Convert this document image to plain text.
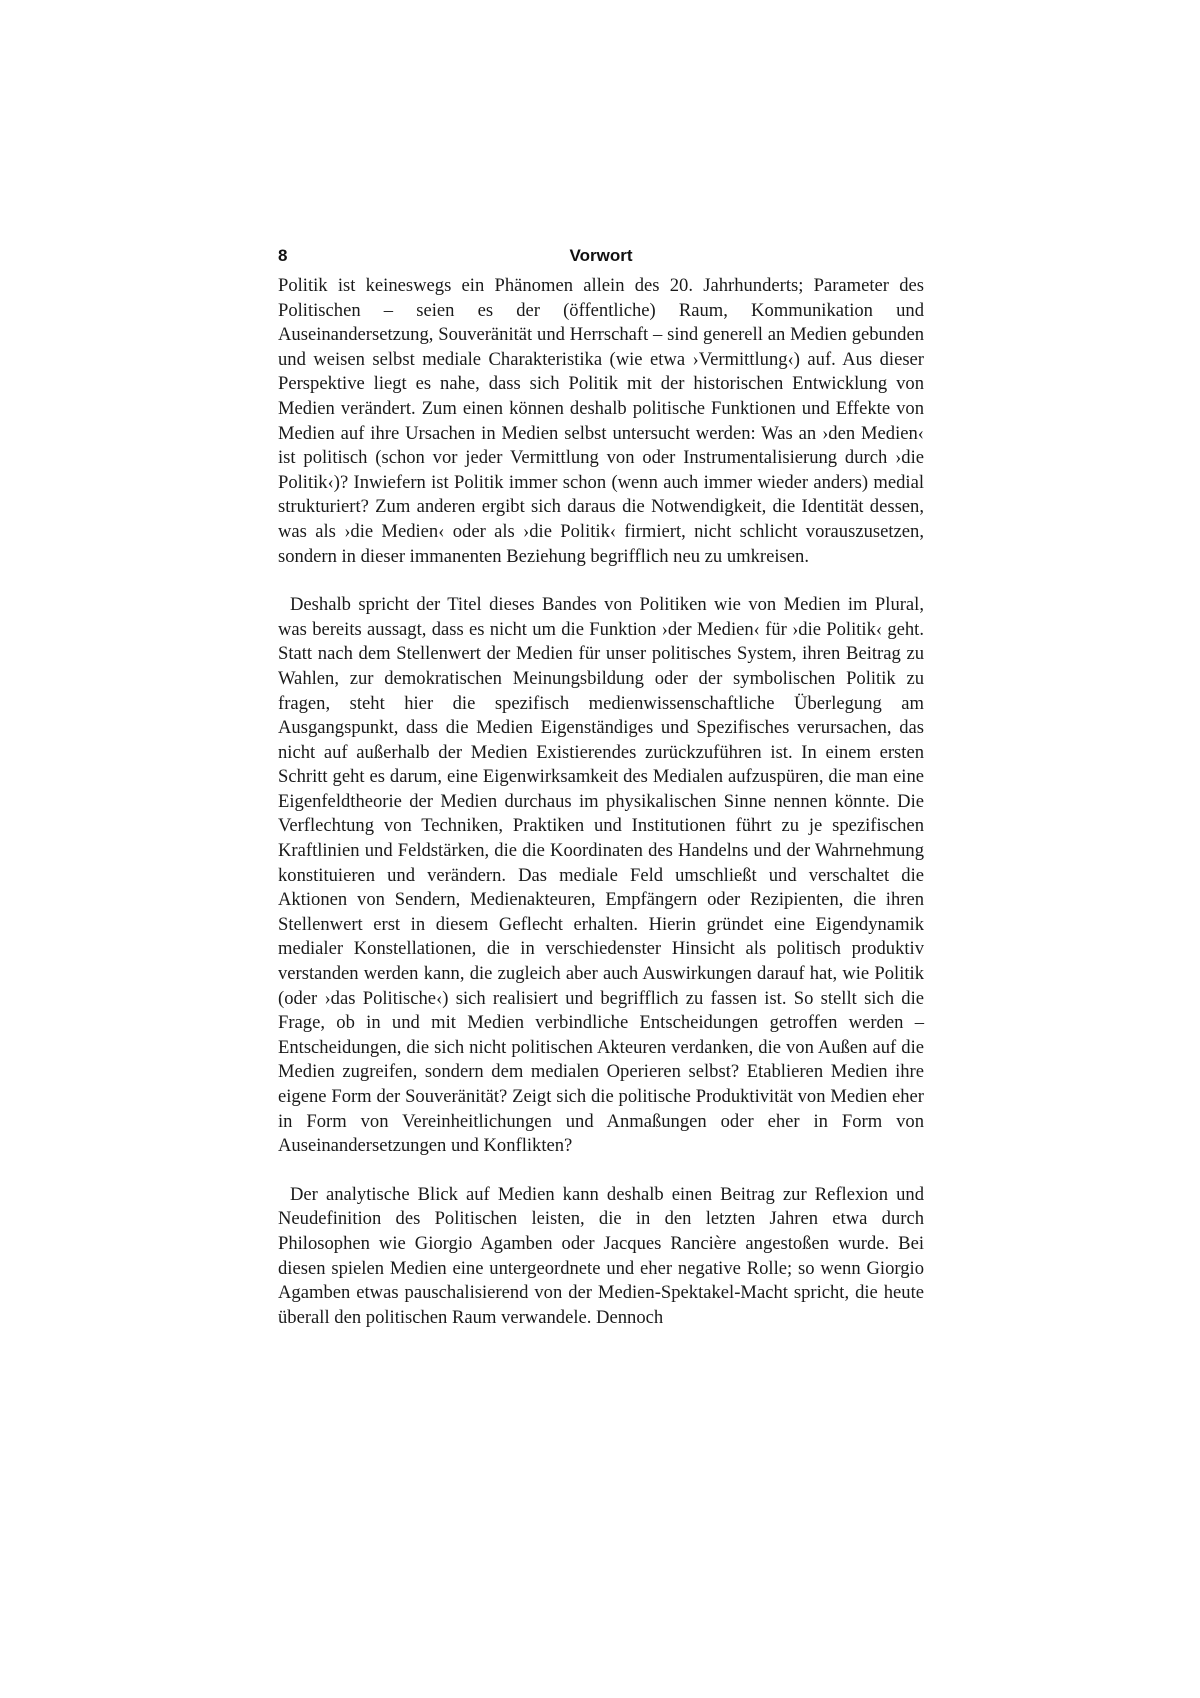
8	Vorwort

Politik ist keineswegs ein Phänomen allein des 20. Jahrhunderts; Parameter des Politischen – seien es der (öffentliche) Raum, Kommunikation und Auseinandersetzung, Souveränität und Herrschaft – sind generell an Medien gebunden und weisen selbst mediale Charakteristika (wie etwa ›Vermittlung‹) auf. Aus dieser Perspektive liegt es nahe, dass sich Politik mit der historischen Entwicklung von Medien verändert. Zum einen können deshalb politische Funktionen und Effekte von Medien auf ihre Ursachen in Medien selbst untersucht werden: Was an ›den Medien‹ ist politisch (schon vor jeder Vermittlung von oder Instrumentalisierung durch ›die Politik‹)? Inwiefern ist Politik immer schon (wenn auch immer wieder anders) medial strukturiert? Zum anderen ergibt sich daraus die Notwendigkeit, die Identität dessen, was als ›die Medien‹ oder als ›die Politik‹ firmiert, nicht schlicht vorauszusetzen, sondern in dieser immanenten Beziehung begrifflich neu zu umkreisen.

Deshalb spricht der Titel dieses Bandes von Politiken wie von Medien im Plural, was bereits aussagt, dass es nicht um die Funktion ›der Medien‹ für ›die Politik‹ geht. Statt nach dem Stellenwert der Medien für unser politisches System, ihren Beitrag zu Wahlen, zur demokratischen Meinungsbildung oder der symbolischen Politik zu fragen, steht hier die spezifisch medienwissenschaftliche Überlegung am Ausgangspunkt, dass die Medien Eigenständiges und Spezifisches verursachen, das nicht auf außerhalb der Medien Existierendes zurückzuführen ist. In einem ersten Schritt geht es darum, eine Eigenwirksamkeit des Medialen aufzuspüren, die man eine Eigenfeldtheorie der Medien durchaus im physikalischen Sinne nennen könnte. Die Verflechtung von Techniken, Praktiken und Institutionen führt zu je spezifischen Kraftlinien und Feldstärken, die die Koordinaten des Handelns und der Wahrnehmung konstituieren und verändern. Das mediale Feld umschließt und verschaltet die Aktionen von Sendern, Medienakteuren, Empfängern oder Rezipienten, die ihren Stellenwert erst in diesem Geflecht erhalten. Hierin gründet eine Eigendynamik medialer Konstellationen, die in verschiedenster Hinsicht als politisch produktiv verstanden werden kann, die zugleich aber auch Auswirkungen darauf hat, wie Politik (oder ›das Politische‹) sich realisiert und begrifflich zu fassen ist. So stellt sich die Frage, ob in und mit Medien verbindliche Entscheidungen getroffen werden – Entscheidungen, die sich nicht politischen Akteuren verdanken, die von Außen auf die Medien zugreifen, sondern dem medialen Operieren selbst? Etablieren Medien ihre eigene Form der Souveränität? Zeigt sich die politische Produktivität von Medien eher in Form von Vereinheitlichungen und Anmaßungen oder eher in Form von Auseinandersetzungen und Konflikten?

Der analytische Blick auf Medien kann deshalb einen Beitrag zur Reflexion und Neudefinition des Politischen leisten, die in den letzten Jahren etwa durch Philosophen wie Giorgio Agamben oder Jacques Rancière angestoßen wurde. Bei diesen spielen Medien eine untergeordnete und eher negative Rolle; so wenn Giorgio Agamben etwas pauschalisierend von der Medien-Spektakel-Macht spricht, die heute überall den politischen Raum verwandele. Dennoch
